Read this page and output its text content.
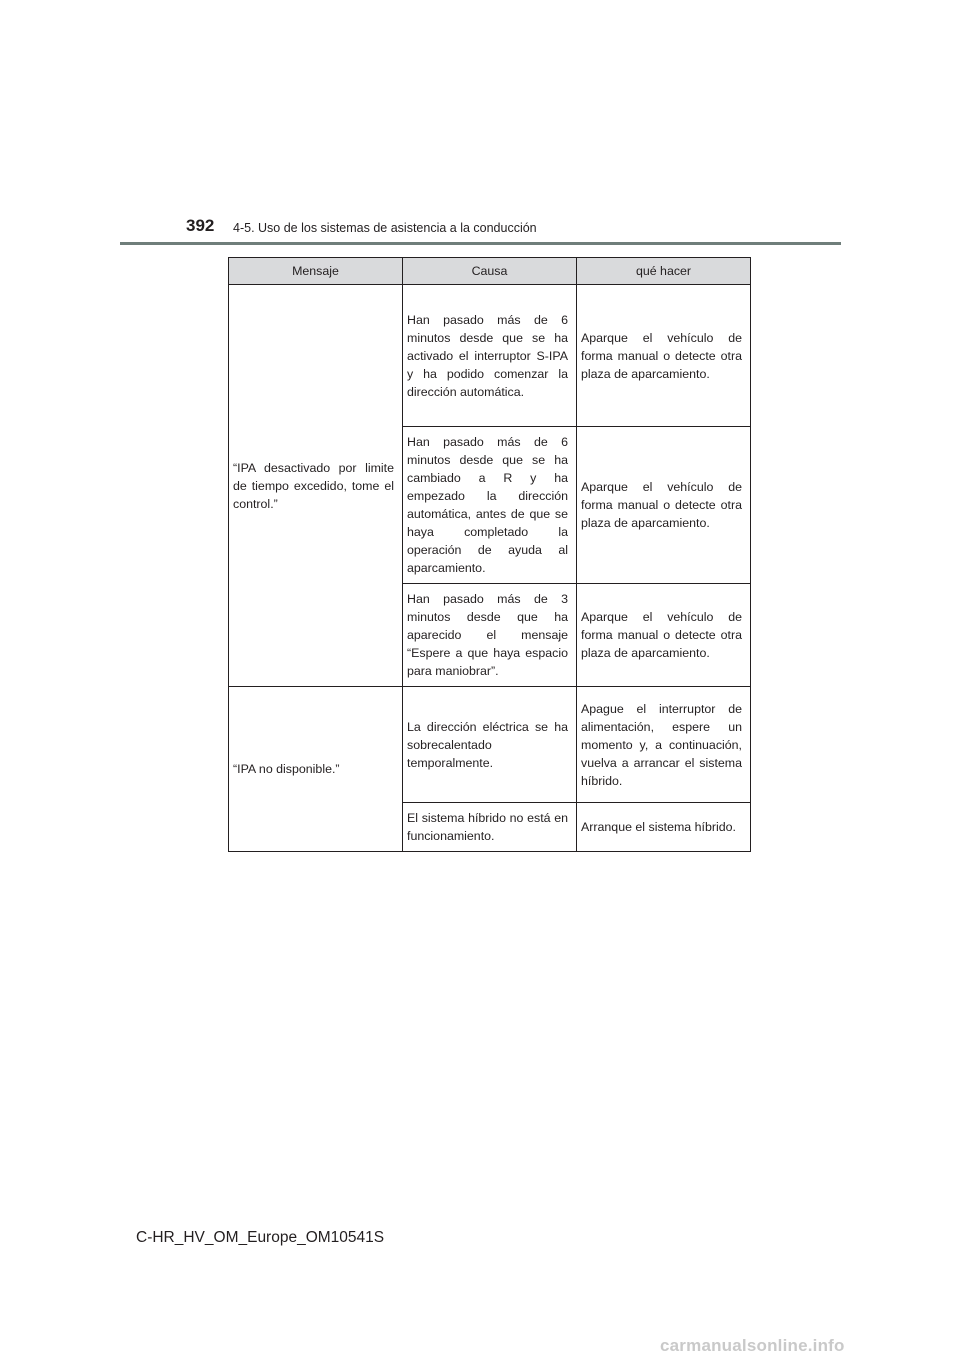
392 4-5. Uso de los sistemas de asistencia a la conducción
Mensaje	Causa	qué hacer
“IPA desactivado por limite de tiempo excedido, tome el control.”	Han pasado más de 6 minutos desde que se ha activado el interruptor S-IPA y ha podido comenzar la dirección automática.	Aparque el vehículo de forma manual o detecte otra plaza de aparcamiento.
	Han pasado más de 6 minutos desde que se ha cambiado a R y ha empezado la dirección automática, antes de que se haya completado la operación de ayuda al aparcamiento.	Aparque el vehículo de forma manual o detecte otra plaza de aparcamiento.
	Han pasado más de 3 minutos desde que ha aparecido el mensaje “Espere a que haya espacio para maniobrar”.	Aparque el vehículo de forma manual o detecte otra plaza de aparcamiento.
“IPA no disponible.”	La dirección eléctrica se ha sobrecalentado temporalmente.	Apague el interruptor de alimentación, espere un momento y, a continuación, vuelva a arrancar el sistema híbrido.
	El sistema híbrido no está en funcionamiento.	Arranque el sistema híbrido.
C-HR_HV_OM_Europe_OM10541S
carmanualsonline.info
